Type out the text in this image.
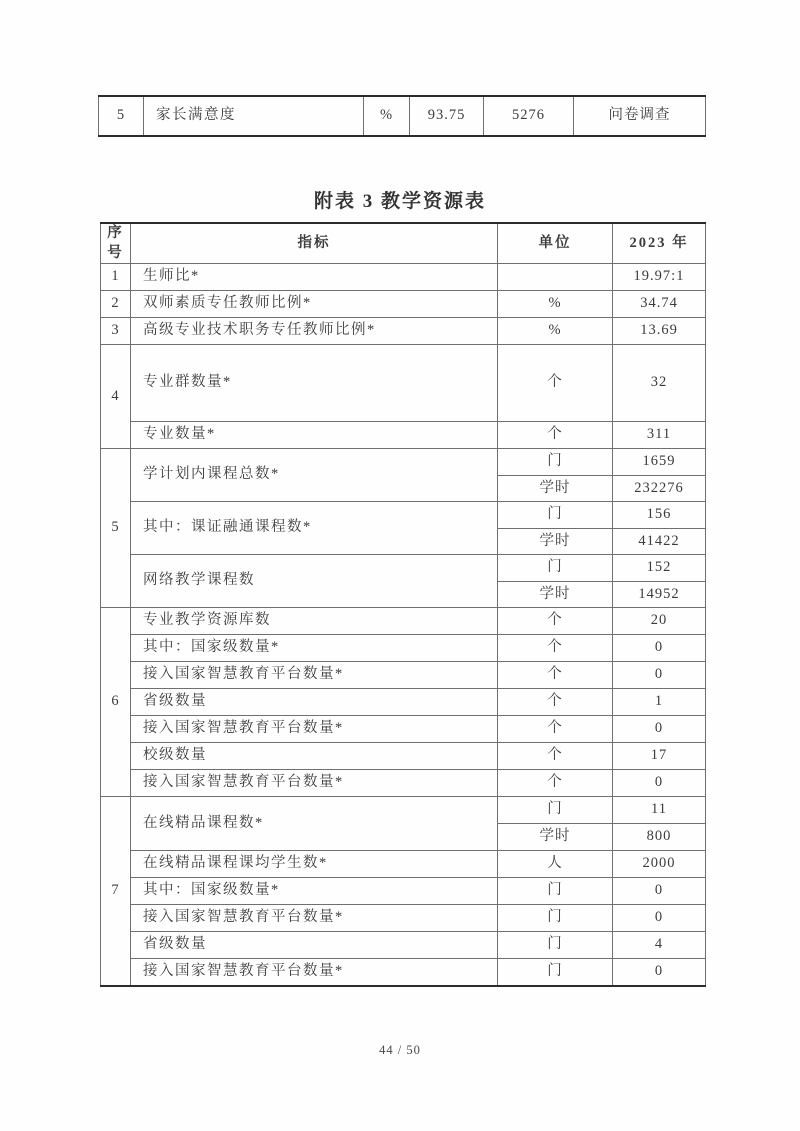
5	家长满意度	%	93.75	5276	问卷调查
附表 3 教学资源表
序号	指标	单位	2023 年
1	生师比*		19.97:1
2	双师素质专任教师比例*	%	34.74
3	高级专业技术职务专任教师比例*	%	13.69
4	专业群数量*	个	32
	专业数量*	个	311
5	学计划内课程总数*	门	1659
		学时	232276
	其中：课证融通课程数*	门	156
		学时	41422
	网络教学课程数	门	152
		学时	14952
6	专业教学资源库数	个	20
	其中：国家级数量*	个	0
	接入国家智慧教育平台数量*	个	0
	省级数量	个	1
	接入国家智慧教育平台数量*	个	0
	校级数量	个	17
	接入国家智慧教育平台数量*	个	0
7	在线精品课程数*	门	11
		学时	800
	在线精品课程课均学生数*	人	2000
	其中：国家级数量*	门	0
	接入国家智慧教育平台数量*	门	0
	省级数量	门	4
	接入国家智慧教育平台数量*	门	0
44 / 50
